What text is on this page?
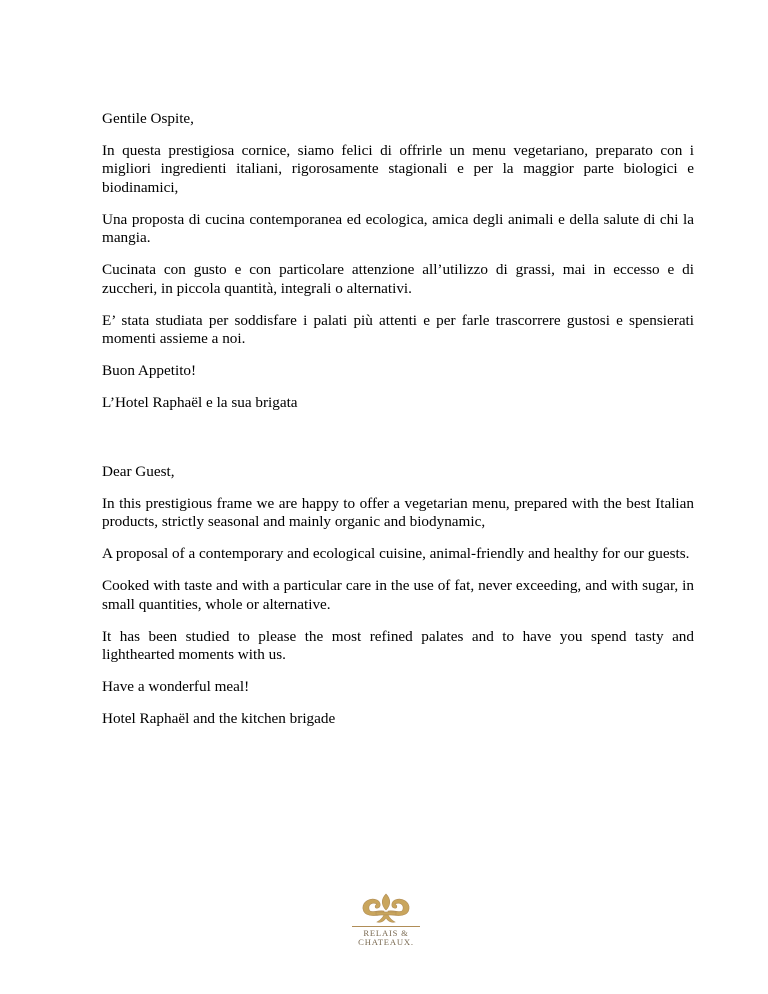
Gentile Ospite,

In questa prestigiosa cornice, siamo felici di offrirle un menu vegetariano, preparato con i migliori ingredienti italiani, rigorosamente stagionali e per la maggior parte biologici e biodinamici,

Una proposta di cucina contemporanea ed ecologica, amica degli animali e della salute di chi la mangia.

Cucinata con gusto e con particolare attenzione all’utilizzo di grassi, mai in eccesso e di zuccheri, in piccola quantità, integrali o alternativi.

E’ stata studiata per soddisfare i palati più attenti e per farle trascorrere gustosi e spensierati momenti assieme a noi.

Buon Appetito!

L’Hotel Raphaël e la sua brigata

Dear Guest,

In this prestigious frame we are happy to offer a vegetarian menu, prepared with the best Italian products, strictly seasonal and mainly organic and biodynamic,

A proposal of a contemporary and ecological cuisine, animal-friendly and healthy for our guests.

Cooked with taste and with a particular care in the use of fat, never exceeding, and with sugar, in small quantities, whole or alternative.

It has been studied to please the most refined palates and to have you spend tasty and lighthearted moments with us.

Have a wonderful meal!

Hotel Raphaël and the kitchen brigade

RELAIS &
CHATEAUX.
